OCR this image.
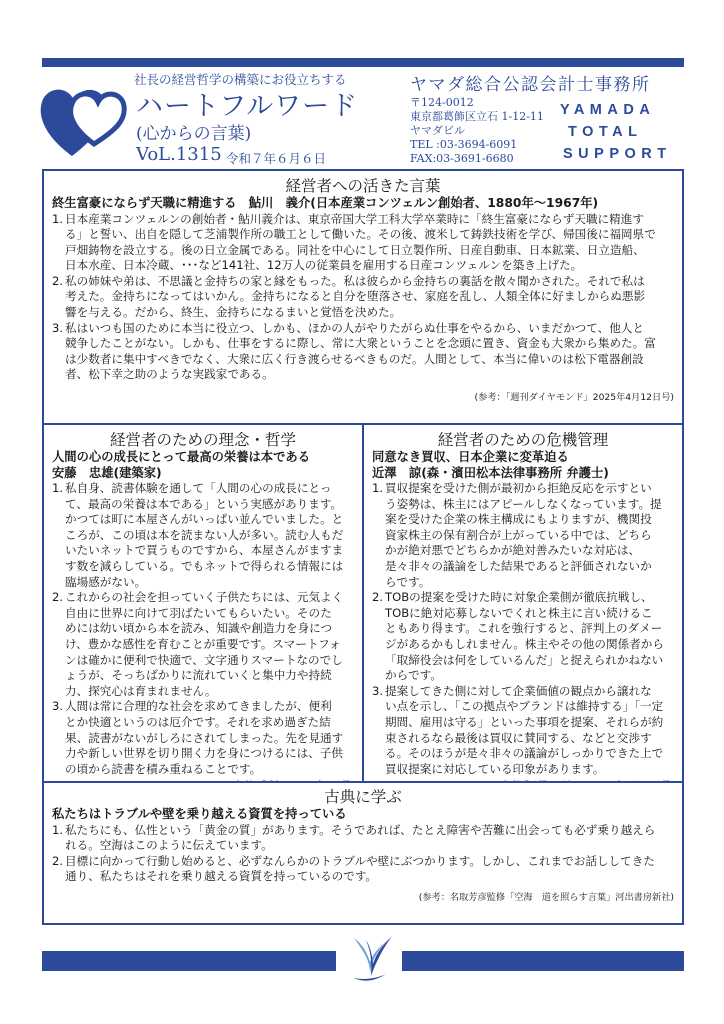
社長の経営哲学の構築にお役立ちする
ハートフルワード
(心からの言葉)
VoL.1315 令和７年６月６日
ヤマダ総合公認会計士事務所
〒124-0012
東京都葛飾区立石 1-12-11
ヤマダビル
TEL :03-3694-6091
FAX:03-3691-6680
YAMADA
TOTAL
SUPPORT
経営者への活きた言葉
終生富豪にならず天職に精進する　鮎川　義介(日本産業コンツェルン創始者、1880年～1967年)
1. 日本産業コンツェルンの創始者・鮎川義介は、東京帝国大学工科大学卒業時に「終生富豪にならず天職に精進す
る」と誓い、出自を隠して芝浦製作所の職工として働いた。その後、渡米して鋳鉄技術を学び、帰国後に福岡県で
戸畑鋳物を設立する。後の日立金属である。同社を中心にして日立製作所、日産自動車、日本鉱業、日立造船、
日本水産、日本冷蔵、･･･など141社、12万人の従業員を雇用する日産コンツェルンを築き上げた。
2. 私の姉妹や弟は、不思議と金持ちの家と縁をもった。私は彼らから金持ちの裏話を散々聞かされた。それで私は
考えた。金持ちになってはいかん。金持ちになると自分を堕落させ、家庭を乱し、人類全体に好ましからぬ悪影
響を与える。だから、終生、金持ちになるまいと覚悟を決めた。
3. 私はいつも国のために本当に役立つ、しかも、ほかの人がやりたがらぬ仕事をやるから、いまだかつて、他人と
競争したことがない。しかも、仕事をするに際し、常に大衆ということを念頭に置き、資金も大衆から集めた。富
は少数者に集中すべきでなく、大衆に広く行き渡らせるべきものだ。人間として、本当に偉いのは松下電器創設
者、松下幸之助のような実践家である。
(参考：「週刊ダイヤモンド」2025年4月12日号)
経営者のための理念・哲学
人間の心の成長にとって最高の栄養は本である
安藤　忠雄(建築家)
1. 私自身、読書体験を通して「人間の心の成長にとっ
て、最高の栄養は本である」という実感があります。
かつては町に本屋さんがいっぱい並んでいました。と
ころが、この頃は本を読まない人が多い。読む人もだ
いたいネットで買うものですから、本屋さんがますま
す数を減らしている。でもネットで得られる情報には
臨場感がない。
2. これからの社会を担っていく子供たちには、元気よく
自由に世界に向けて羽ばたいてもらいたい。そのた
めには幼い頃から本を読み、知識や創造力を身につ
け、豊かな感性を育むことが重要です。スマートフォ
ンは確かに便利で快適で、文字通りスマートなのでし
ょうが、そっちばかりに流れていくと集中力や持続
力、探究心は育まれません。
3. 人間は常に合理的な社会を求めてきましたが、便利
とか快適というのは厄介です。それを求め過ぎた結
果、読書がないがしろにされてしまった。先を見通す
力や新しい世界を切り開く力を身につけるには、子供
の頃から読書を積み重ねることです。
経営者のための危機管理
同意なき買収、日本企業に変革迫る
近澤　諒(森・濱田松本法律事務所 弁護士)
1. 買収提案を受けた側が最初から拒絶反応を示すとい
う姿勢は、株主にはアピールしなくなっています。提
案を受けた企業の株主構成にもよりますが、機関投
資家株主の保有割合が上がっている中では、どちら
かが絶対悪でどちらかが絶対善みたいな対応は、
是々非々の議論をした結果であると評価されないか
らです。
2. TOBの提案を受けた時に対象企業側が徹底抗戦し、
TOBに絶対応募しないでくれと株主に言い続けるこ
ともあり得ます。これを強行すると、評判上のダメー
ジがあるかもしれません。株主やその他の関係者から
「取締役会は何をしているんだ」と捉えられかねない
からです。
3. 提案してきた側に対して企業価値の観点から譲れな
い点を示し、「この拠点やブランドは維持する」「一定
期間、雇用は守る」といった事項を提案、それらが約
束されるなら最後は買収に賛同する、などと交渉す
る。そのほうが是々非々の議論がしっかりできた上で
買収提案に対応している印象があります。
古典に学ぶ
私たちはトラブルや壁を乗り越える資質を持っている
1. 私たちにも、仏性という「黄金の質」があります。そうであれば、たとえ障害や苦難に出会っても必ず乗り越えら
れる。空海はこのように伝えています。
2. 目標に向かって行動し始めると、必ずなんらかのトラブルや壁にぶつかります。しかし、これまでお話ししてきた
通り、私たちはそれを乗り越える資質を持っているのです。
(参考：名取芳彦監修「空海　道を照らす言葉」河出書房新社)
